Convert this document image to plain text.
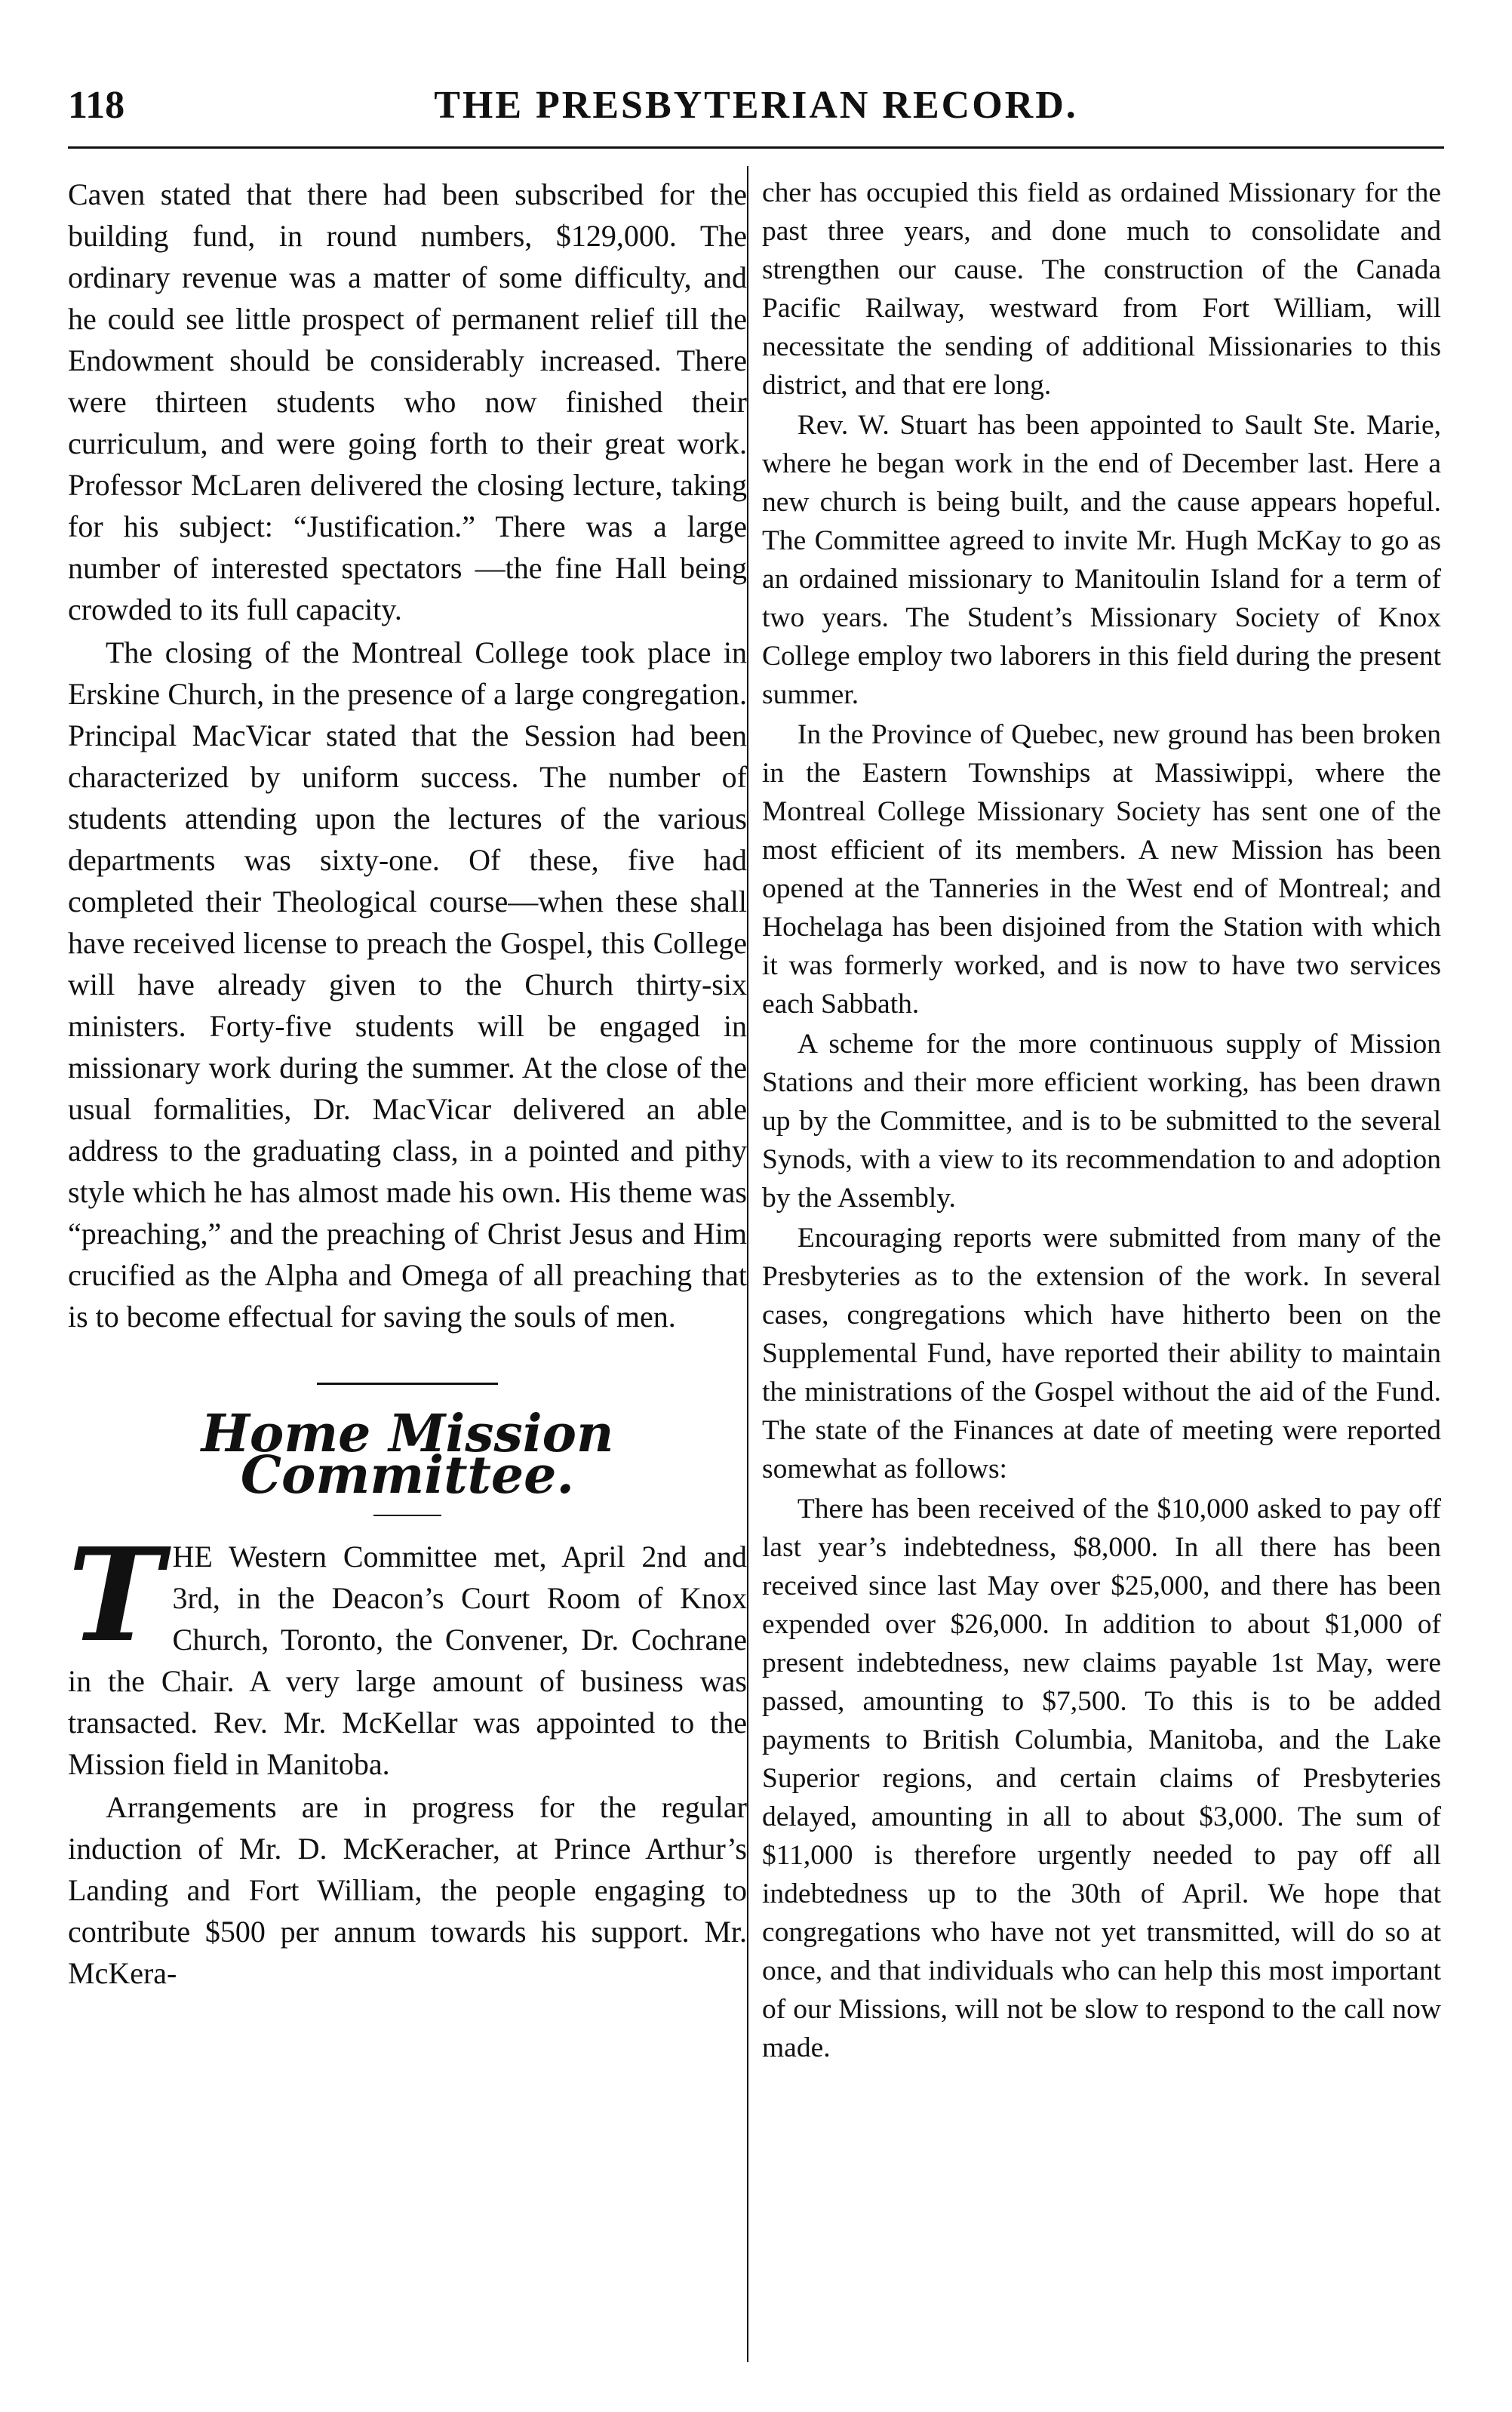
118	THE PRESBYTERIAN RECORD.

Caven stated that there had been subscribed for the building fund, in round numbers, $129,000. The ordinary revenue was a matter of some difficulty, and he could see little prospect of permanent relief till the Endowment should be considerably increased. There were thirteen students who now finished their curriculum, and were going forth to their great work. Professor McLaren delivered the closing lecture, taking for his subject: “Justification.” There was a large number of interested spectators —the fine Hall being crowded to its full capacity.

The closing of the Montreal College took place in Erskine Church, in the presence of a large congregation. Principal MacVicar stated that the Session had been characterized by uniform success. The number of students attending upon the lectures of the various departments was sixty-one. Of these, five had completed their Theological course—when these shall have received license to preach the Gospel, this College will have already given to the Church thirty-six ministers. Forty-five students will be engaged in missionary work during the summer. At the close of the usual formalities, Dr. MacVicar delivered an able address to the graduating class, in a pointed and pithy style which he has almost made his own. His theme was “preaching,” and the preaching of Christ Jesus and Him crucified as the Alpha and Omega of all preaching that is to become effectual for saving the souls of men.

Home Mission Committee.

THE Western Committee met, April 2nd and 3rd, in the Deacon’s Court Room of Knox Church, Toronto, the Convener, Dr. Cochrane in the Chair. A very large amount of business was transacted. Rev. Mr. McKellar was appointed to the Mission field in Manitoba.

Arrangements are in progress for the regular induction of Mr. D. McKeracher, at Prince Arthur’s Landing and Fort William, the people engaging to contribute $500 per annum towards his support. Mr. McKera-

cher has occupied this field as ordained Missionary for the past three years, and done much to consolidate and strengthen our cause. The construction of the Canada Pacific Railway, westward from Fort William, will necessitate the sending of additional Missionaries to this district, and that ere long.

Rev. W. Stuart has been appointed to Sault Ste. Marie, where he began work in the end of December last. Here a new church is being built, and the cause appears hopeful. The Committee agreed to invite Mr. Hugh McKay to go as an ordained missionary to Manitoulin Island for a term of two years. The Student’s Missionary Society of Knox College employ two laborers in this field during the present summer.

In the Province of Quebec, new ground has been broken in the Eastern Townships at Massiwippi, where the Montreal College Missionary Society has sent one of the most efficient of its members. A new Mission has been opened at the Tanneries in the West end of Montreal; and Hochelaga has been disjoined from the Station with which it was formerly worked, and is now to have two services each Sabbath.

A scheme for the more continuous supply of Mission Stations and their more efficient working, has been drawn up by the Committee, and is to be submitted to the several Synods, with a view to its recommendation to and adoption by the Assembly.

Encouraging reports were submitted from many of the Presbyteries as to the extension of the work. In several cases, congregations which have hitherto been on the Supplemental Fund, have reported their ability to maintain the ministrations of the Gospel without the aid of the Fund. The state of the Finances at date of meeting were reported somewhat as follows:

There has been received of the $10,000 asked to pay off last year’s indebtedness, $8,000. In all there has been received since last May over $25,000, and there has been expended over $26,000. In addition to about $1,000 of present indebtedness, new claims payable 1st May, were passed, amounting to $7,500. To this is to be added payments to British Columbia, Manitoba, and the Lake Superior regions, and certain claims of Presbyteries delayed, amounting in all to about $3,000. The sum of $11,000 is therefore urgently needed to pay off all indebtedness up to the 30th of April. We hope that congregations who have not yet transmitted, will do so at once, and that individuals who can help this most important of our Missions, will not be slow to respond to the call now made.
